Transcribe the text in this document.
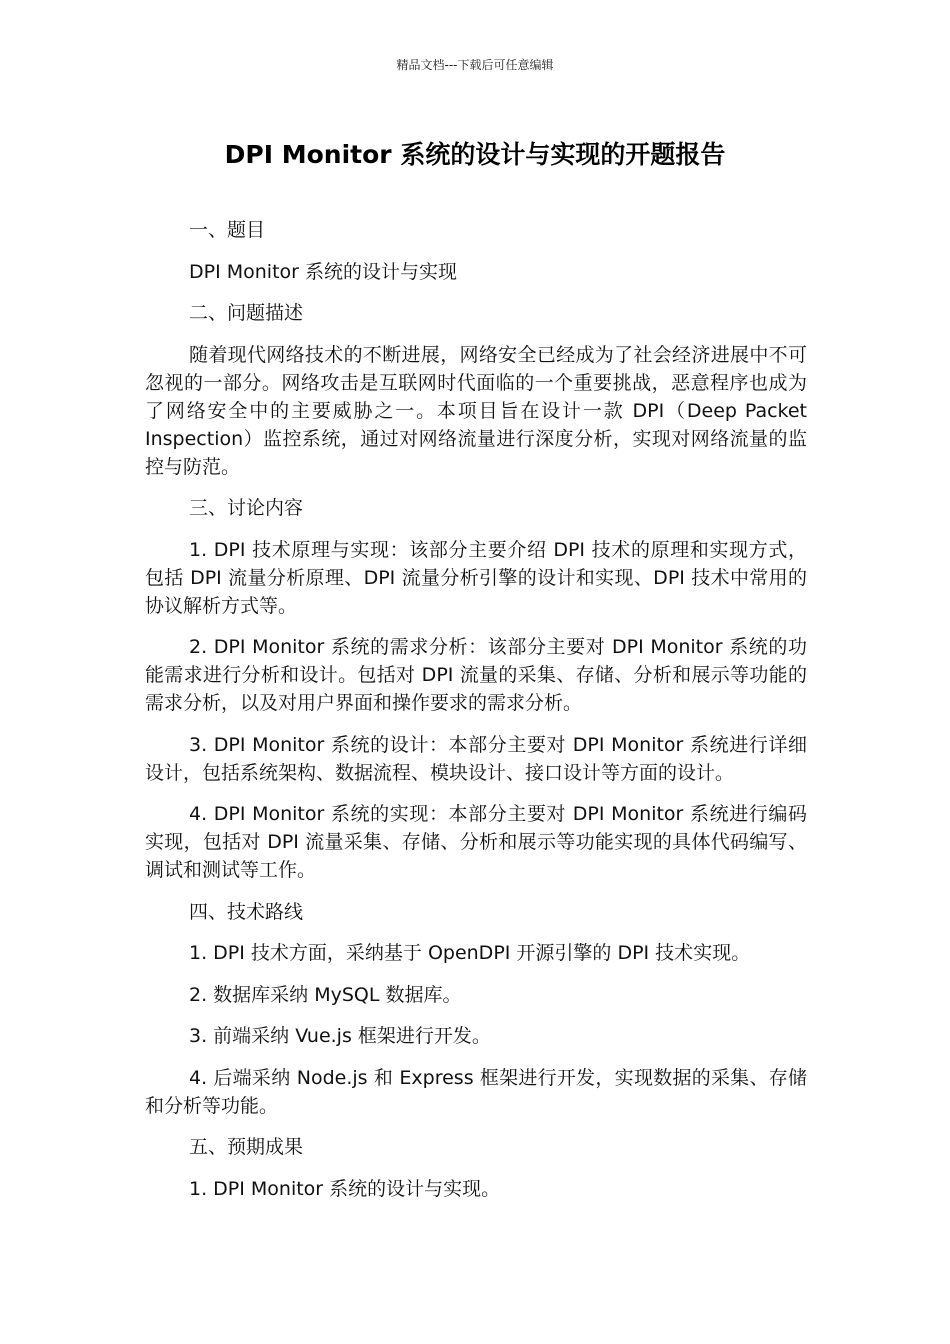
精品文档---下载后可任意编辑
DPI Monitor 系统的设计与实现的开题报告

一、题目

DPI Monitor 系统的设计与实现

二、问题描述

随着现代网络技术的不断进展，网络安全已经成为了社会经济进展中不可忽视的一部分。网络攻击是互联网时代面临的一个重要挑战，恶意程序也成为了网络安全中的主要威胁之一。本项目旨在设计一款 DPI（Deep Packet Inspection）监控系统，通过对网络流量进行深度分析，实现对网络流量的监控与防范。

三、讨论内容

1. DPI 技术原理与实现：该部分主要介绍 DPI 技术的原理和实现方式，包括 DPI 流量分析原理、DPI 流量分析引擎的设计和实现、DPI 技术中常用的协议解析方式等。

2. DPI Monitor 系统的需求分析：该部分主要对 DPI Monitor 系统的功能需求进行分析和设计。包括对 DPI 流量的采集、存储、分析和展示等功能的需求分析，以及对用户界面和操作要求的需求分析。

3. DPI Monitor 系统的设计：本部分主要对 DPI Monitor 系统进行详细设计，包括系统架构、数据流程、模块设计、接口设计等方面的设计。

4. DPI Monitor 系统的实现：本部分主要对 DPI Monitor 系统进行编码实现，包括对 DPI 流量采集、存储、分析和展示等功能实现的具体代码编写、调试和测试等工作。

四、技术路线

1. DPI 技术方面，采纳基于 OpenDPI 开源引擎的 DPI 技术实现。

2. 数据库采纳 MySQL 数据库。

3. 前端采纳 Vue.js 框架进行开发。

4. 后端采纳 Node.js 和 Express 框架进行开发，实现数据的采集、存储和分析等功能。

五、预期成果

1. DPI Monitor 系统的设计与实现。
